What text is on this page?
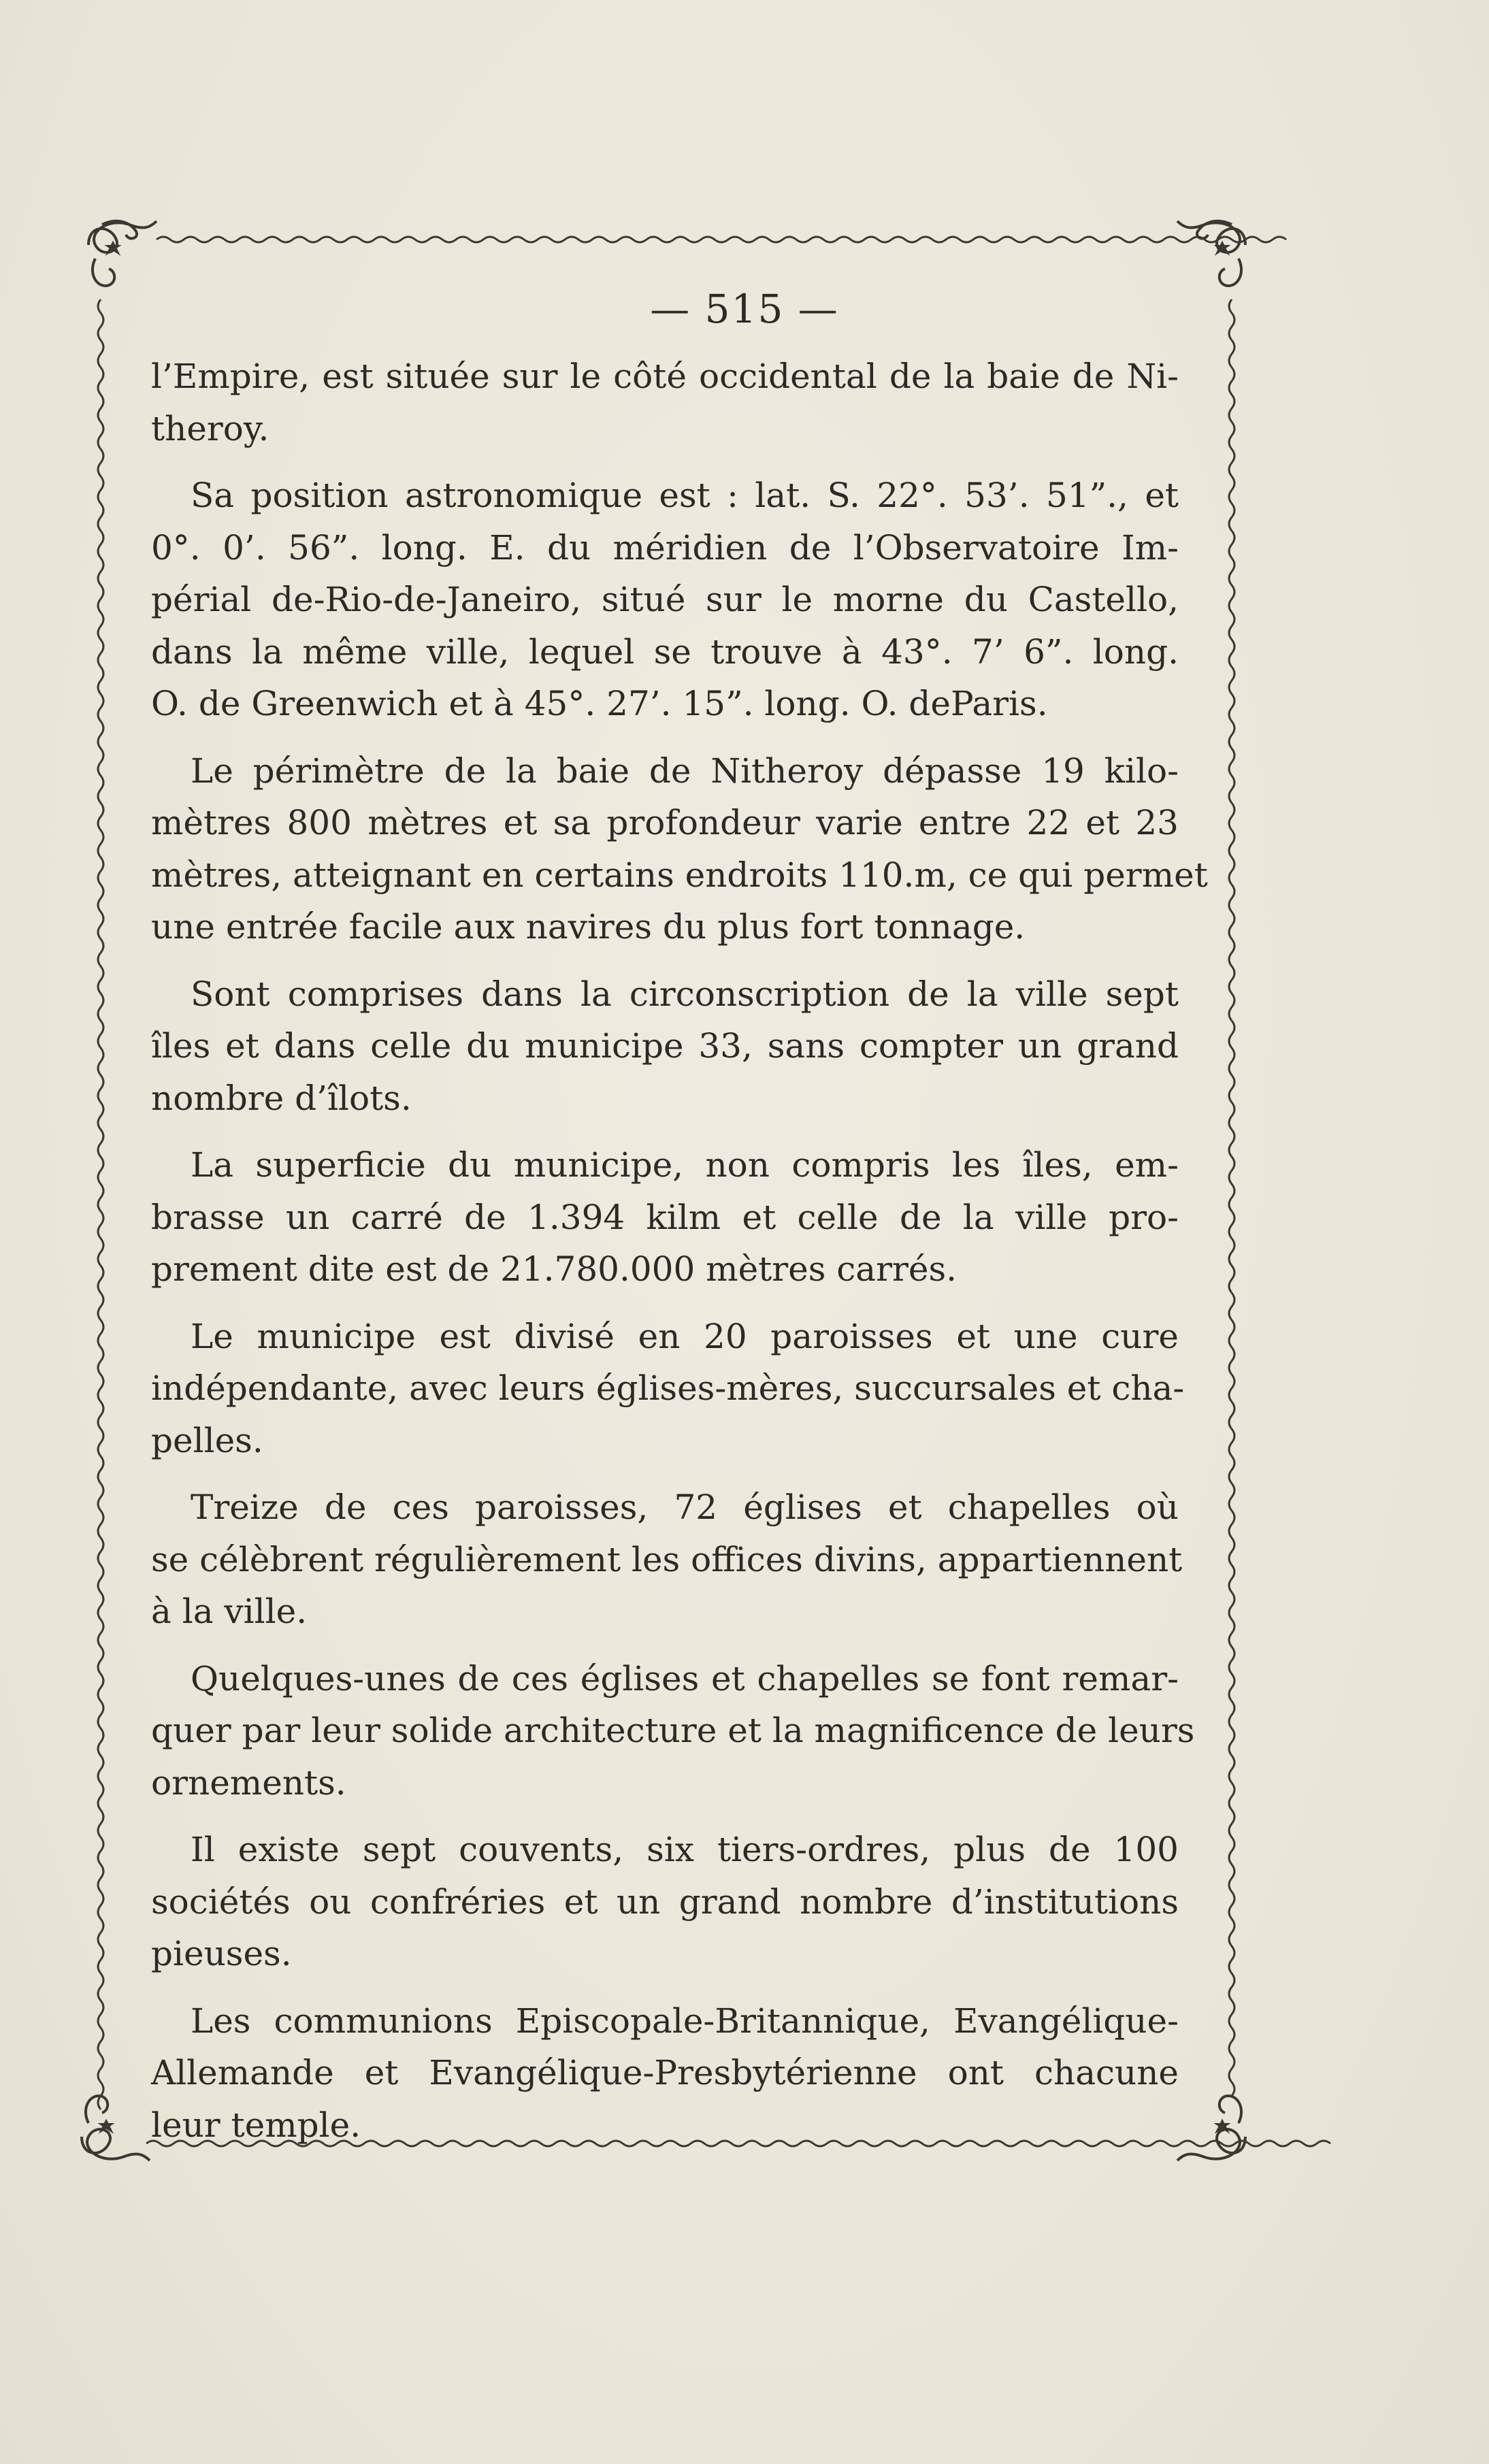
— 515 —
l’Empire, est située sur le côté occidental de la baie de Ni-
theroy.
Sa position astronomique est : lat. S. 22°. 53’. 51”., et
0°. 0’. 56”. long. E. du méridien de l’Observatoire Im-
périal de-Rio-de-Janeiro, situé sur le morne du Castello,
dans la même ville, lequel se trouve à 43°. 7’ 6”. long.
O. de Greenwich et à 45°. 27’. 15”. long. O. deParis.
Le périmètre de la baie de Nitheroy dépasse 19 kilo-
mètres 800 mètres et sa profondeur varie entre 22 et 23
mètres, atteignant en certains endroits 110.m, ce qui permet
une entrée facile aux navires du plus fort tonnage.
Sont comprises dans la circonscription de la ville sept
îles et dans celle du municipe 33, sans compter un grand
nombre d’îlots.
La superficie du municipe, non compris les îles, em-
brasse un carré de 1.394 kilm et celle de la ville pro-
prement dite est de 21.780.000 mètres carrés.
Le municipe est divisé en 20 paroisses et une cure
indépendante, avec leurs églises-mères, succursales et cha-
pelles.
Treize de ces paroisses, 72 églises et chapelles où
se célèbrent régulièrement les offices divins, appartiennent
à la ville.
Quelques-unes de ces églises et chapelles se font remar-
quer par leur solide architecture et la magnificence de leurs
ornements.
Il existe sept couvents, six tiers-ordres, plus de 100
sociétés ou confréries et un grand nombre d’institutions
pieuses.
Les communions Episcopale-Britannique, Evangélique-
Allemande et Evangélique-Presbytérienne ont chacune
leur temple.
